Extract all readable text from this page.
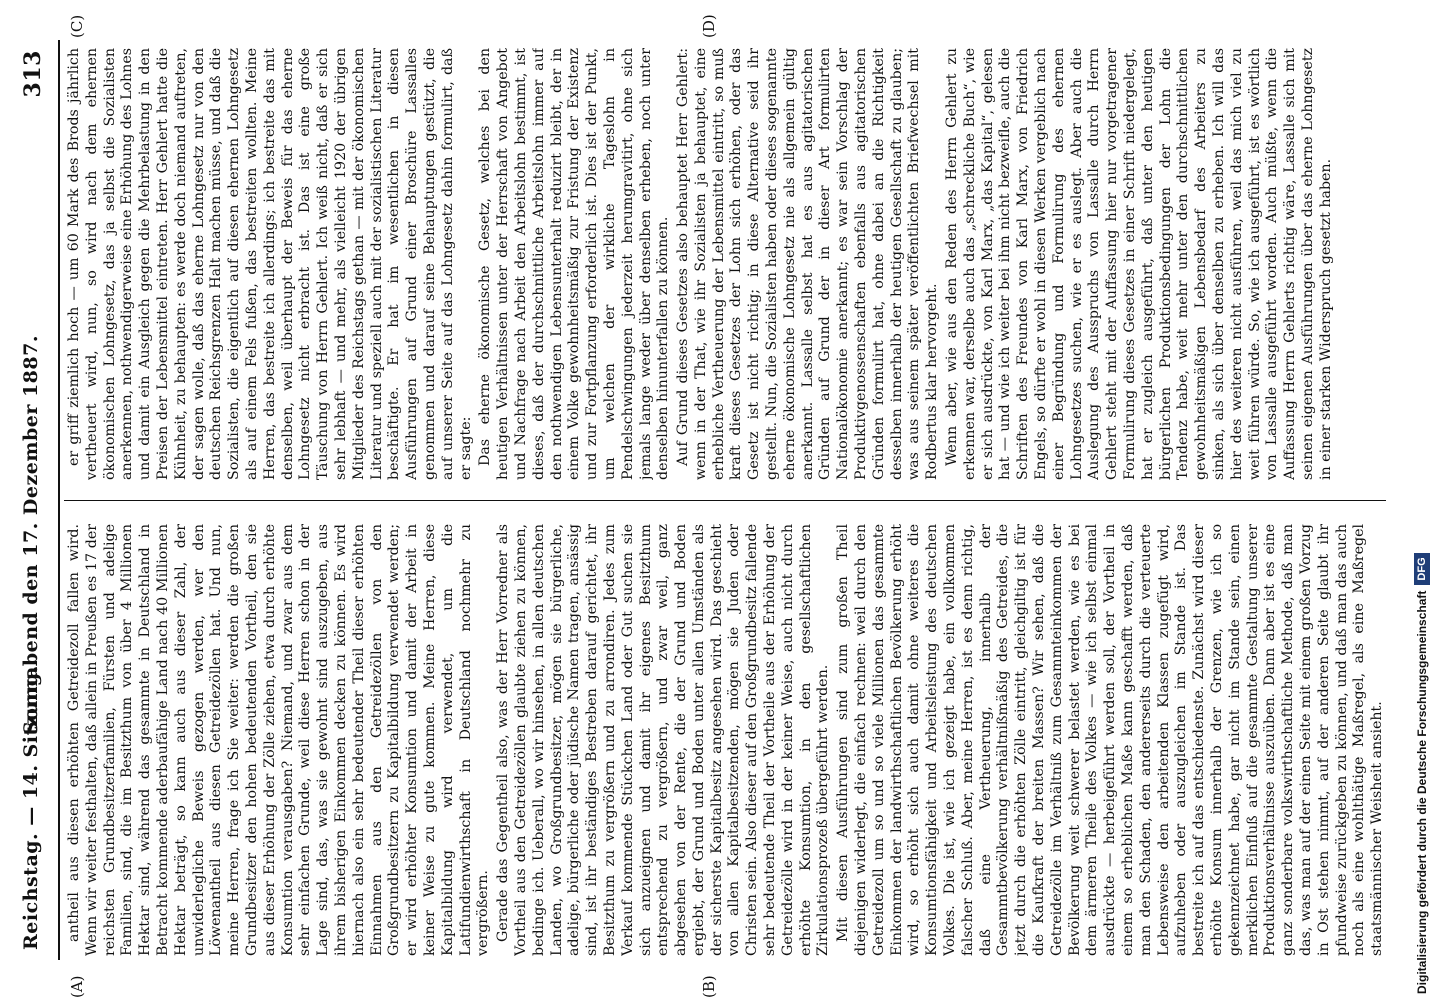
Reichstag. — 14. Sitzung.
Sonnabend den 17. Dezember 1887.
313
(A)	(B)
(C)	(D)

antheil aus diesen erhöhten Getreidezoll fallen wird. Wenn wir weiter festhalten, daß allein in Preußen es 17 der reichsten Grundbesitzerfamilien, Fürsten und adelige Familien, sind, die im Besitzthum von über 4 Millionen Hektar sind, während das gesammte in Deutschland in Betracht kommende aderbaufähige Land nach 40 Millionen Hektar beträgt, so kann auch aus dieser Zahl, der unwiderlegliche Beweis gezogen werden, wer den Löwenantheil aus diesen Getreidezöllen hat. Und nun, meine Herren, frage ich Sie weiter: werden die großen Grundbesitzer den hohen bedeutenden Vortheil, den sie aus dieser Erhöhung der Zölle ziehen, etwa durch erhöhte Konsumtion verausgaben? Niemand, und zwar aus dem sehr einfachen Grunde, weil diese Herren schon in der Lage sind, das, was sie gewohnt sind auszugeben, aus ihrem bisherigen Einkommen decken zu können. Es wird hiernach also ein sehr bedeutender Theil dieser erhöhten Einnahmen aus den Getreidezöllen von den Großgrundbesitzern zu Kapitalbildung verwendet werden; er wird erhöhter Konsumtion und damit der Arbeit in keiner Weise zu gute kommen. Meine Herren, diese Kapitalbildung wird verwendet, um die Latifundienwirthschaft in Deutschland nochmehr zu vergrößern. Gerade das Gegentheil also, was der Herr Vorredner als Vortheil aus den Getreidezöllen glaubte ziehen zu können, bedinge ich. Ueberall, wo wir hinsehen, in allen deutschen Landen, wo Großgrundbesitzer, mögen sie bürgerliche, adelige, bürgerliche oder jüdische Namen tragen, ansässig sind, ist ihr beständiges Bestreben darauf gerichtet, ihr Besitzthum zu vergrößern und zu arrondiren. Jedes zum Verkauf kommende Stückchen Land oder Gut suchen sie sich anzueignen und damit ihr eigenes Besitzthum entsprechend zu vergrößern, und zwar weil, ganz abgesehen von der Rente, die der Grund und Boden ergiebt, der Grund und Boden unter allen Umständen als der sicherste Kapitalbesitz angesehen wird. Das geschieht von allen Kapitalbesitzenden, mögen sie Juden oder Christen sein. Also dieser auf den Großgrundbesitz fallende sehr bedeutende Theil der Vortheile aus der Erhöhung der Getreidezölle wird in der keiner Weise, auch nicht durch erhöhte Konsumtion, in den gesellschaftlichen Zirkulationsprozeß übergeführt werden. Mit diesen Ausführungen sind zum großen Theil diejenigen widerlegt, die einfach rechnen: weil durch den Getreidezoll um so und so viele Millionen das gesammte Einkommen der landwirthschaftlichen Bevölkerung erhöht wird, so erhöht sich auch damit ohne weiteres die Konsumtionsfähigkeit und Arbeitsleistung des deutschen Volkes. Die ist, wie ich gezeigt habe, ein vollkommen falscher Schluß. Aber, meine Herren, ist es denn richtig, daß eine Vertheuerung, innerhalb der Gesammtbevölkerung verhältnißmäßig des Getreides, die jetzt durch die erhöhten Zölle eintritt, gleichgiltig ist für die Kaufkraft der breiten Massen? Wir sehen, daß die Getreidezölle im Verhältniß zum Gesammteinkommen der Bevölkerung weit schwerer belastet werden, wie es bei dem ärmeren Theile des Volkes — wie ich selbst einmal ausdrückte — herbeigeführt werden soll, der Vortheil in einem so erheblichen Maße kann geschafft werden, daß man den Schaden, den andererseits durch die verteuerte Lebensweise den arbeitenden Klassen zugefügt wird, aufzuheben oder auszugleichen im Stande ist. Das bestreite ich auf das entschiedenste. Zunächst wird dieser erhöhte Konsum innerhalb der Grenzen, wie ich so gekennzeichnet habe, gar nicht im Stande sein, einen merklichen Einfluß auf die gesammte Gestaltung unserer Produktionsverhältnisse auszuüben. Dann aber ist es eine ganz sonderbare volkswirthschaftliche Methode, daß man das, was man auf der einen Seite mit einem großen Vorzug in Ost stehen nimmt, auf der anderen Seite glaubt ihr pfundweise zurückgeben zu können, und daß man das auch noch als eine wohlthätige Maßregel, als eine Maßregel staatsmännischer Weisheit ansieht.

er griff ziemlich hoch — um 60 Mark des Brods jährlich vertheuert wird, nun, so wird nach dem ehernen ökonomischen Lohngesetz, das ja selbst die Sozialisten anerkennen, nothwendigerweise eine Erhöhung des Lohnes und damit ein Ausgleich gegen die Mehrbelastung in den Preisen der Lebensmittel eintreten. Herr Gehlert hatte die Kühnheit, zu behaupten: es werde doch niemand auftreten, der sagen wolle, daß das eherne Lohngesetz nur von den deutschen Reichsgrenzen Halt machen müsse, und daß die Sozialisten, die eigentlich auf diesen ehernen Lohngesetz als auf einem Fels fußen, das bestreiten wollten. Meine Herren, das bestreite ich allerdings; ich bestreite das mit denselben, weil überhaupt der Beweis für das eherne Lohngesetz nicht erbracht ist. Das ist eine große Täuschung von Herrn Gehlert. Ich weiß nicht, daß er sich sehr lebhaft — und mehr, als vielleicht 1920 der übrigen Mitglieder des Reichstags gethan — mit der ökonomischen Literatur und speziell auch mit der sozialistischen Literatur beschäftigte. Er hat im wesentlichen in diesen Ausführungen auf Grund einer Broschüre Lassalles genommen und darauf seine Behauptungen gestützt, die auf unserer Seite auf das Lohngesetz dahin formulirt, daß er sagte: Das eherne ökonomische Gesetz, welches bei den heutigen Verhältnissen unter der Herrschaft von Angebot und Nachfrage nach Arbeit den Arbeitslohn bestimmt, ist dieses, daß der durchschnittliche Arbeitslohn immer auf den nothwendigen Lebensunterhalt reduzirt bleibt, der in einem Volke gewohnheitsmäßig zur Fristung der Existenz und zur Fortpflanzung erforderlich ist. Dies ist der Punkt, um welchen der wirkliche Tageslohn in Pendelschwingungen jederzeit herumgravitirt, ohne sich jemals lange weder über denselben erheben, noch unter denselben hinunterfallen zu können. Auf Grund dieses Gesetzes also behauptet Herr Gehlert: wenn in der That, wie ihr Sozialisten ja behauptet, eine erhebliche Vertheuerung der Lebensmittel eintritt, so muß kraft dieses Gesetzes der Lohn sich erhöhen, oder das Gesetz ist nicht richtig; in diese Alternative seid ihr gestellt. Nun, die Sozialisten haben oder dieses sogenannte eherne ökonomische Lohngesetz nie als allgemein gültig anerkannt. Lassalle selbst hat es aus agitatorischen Gründen auf Grund der in dieser Art formulirten Nationalökonomie anerkannt; es war sein Vorschlag der Produktivgenossenschaften ebenfalls aus agitatorischen Gründen formulirt hat, ohne dabei an die Richtigkeit desselben innerhalb der heutigen Gesellschaft zu glauben; was aus seinem später veröffentlichten Briefwechsel mit Rodbertus klar hervorgeht. Wenn aber, wie aus den Reden des Herrn Gehlert zu erkennen war, derselbe auch das „schreckliche Buch“, wie er sich ausdrückte, von Karl Marx, „das Kapital“, gelesen hat — und wie ich weiter bei ihm nicht bezweifle, auch die Schriften des Freundes von Karl Marx, von Friedrich Engels, so dürfte er wohl in diesen Werken vergeblich nach einer Begründung und Formulirung des ehernen Lohngesetzes suchen, wie er es auslegt. Aber auch die Auslegung des Ausspruchs von Lassalle durch Herrn Gehlert steht mit der Auffassung hier nur vorgetragener Formulirung dieses Gesetzes in einer Schrift niedergelegt, hat er zugleich ausgeführt, daß unter den heutigen bürgerlichen Produktionsbedingungen der Lohn die Tendenz habe, weit mehr unter den durchschnittlichen gewohnheitsmäßigen Lebensbedarf des Arbeiters zu sinken, als sich über denselben zu erheben. Ich will das hier des weiteren nicht ausführen, weil das mich viel zu weit führen würde. So, wie ich ausgeführt, ist es wörtlich von Lassalle ausgeführt worden. Auch müßte, wenn die Auffassung Herrn Gehlerts richtig wäre, Lassalle sich mit seinen eigenen Ausführungen über das eherne Lohngesetz in einer starken Widerspruch gesetzt haben.

Digitalisierung gefördert durch die Deutsche Forschungsgemeinschaft
DFG
